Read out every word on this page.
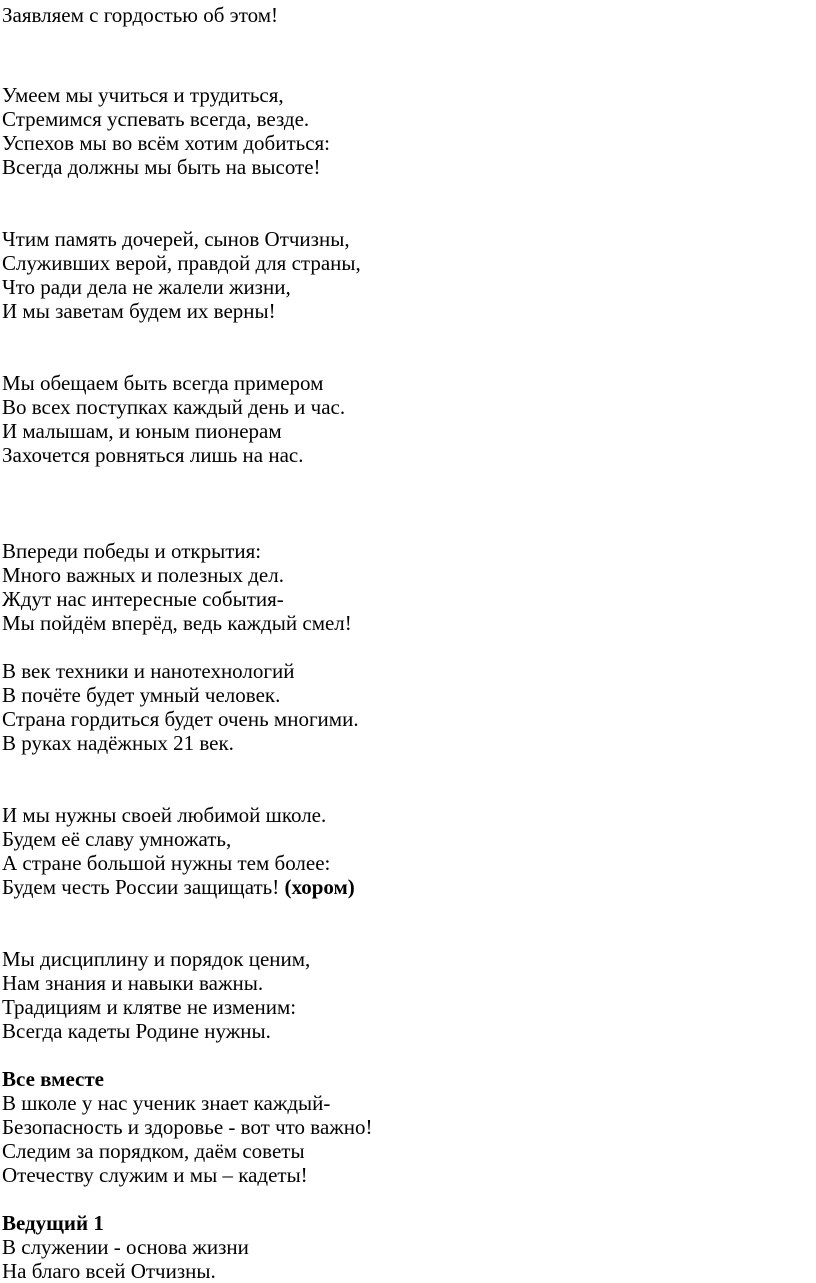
Заявляем с гордостью об этом!
Умеем мы учиться и трудиться,
Стремимся успевать всегда, везде.
Успехов мы во всём хотим добиться:
Всегда должны мы быть на высоте!
Чтим память дочерей, сынов Отчизны,
Служивших верой, правдой для страны,
Что ради дела не жалели жизни,
И мы заветам будем их верны!
Мы обещаем быть всегда примером
Во всех поступках каждый день и час.
И малышам, и юным пионерам
Захочется ровняться лишь на нас.
Впереди победы и открытия:
Много важных и полезных дел.
Ждут нас интересные события-
Мы пойдём вперёд, ведь каждый смел!
В век техники и нанотехнологий
В почёте будет умный человек.
Страна гордиться будет очень многими.
В руках надёжных 21 век.
И мы нужны своей любимой школе.
Будем её славу умножать,
А стране большой нужны тем более:
Будем честь России защищать! (хором)
Мы дисциплину и порядок ценим,
Нам знания и навыки важны.
Традициям и клятве не изменим:
Всегда кадеты Родине нужны.
Все вместе
В школе у нас ученик знает каждый-
Безопасность и здоровье - вот что важно!
Следим за порядком, даём советы
Отечеству служим и мы – кадеты!
Ведущий 1
В служении - основа жизни
На благо всей Отчизны.
